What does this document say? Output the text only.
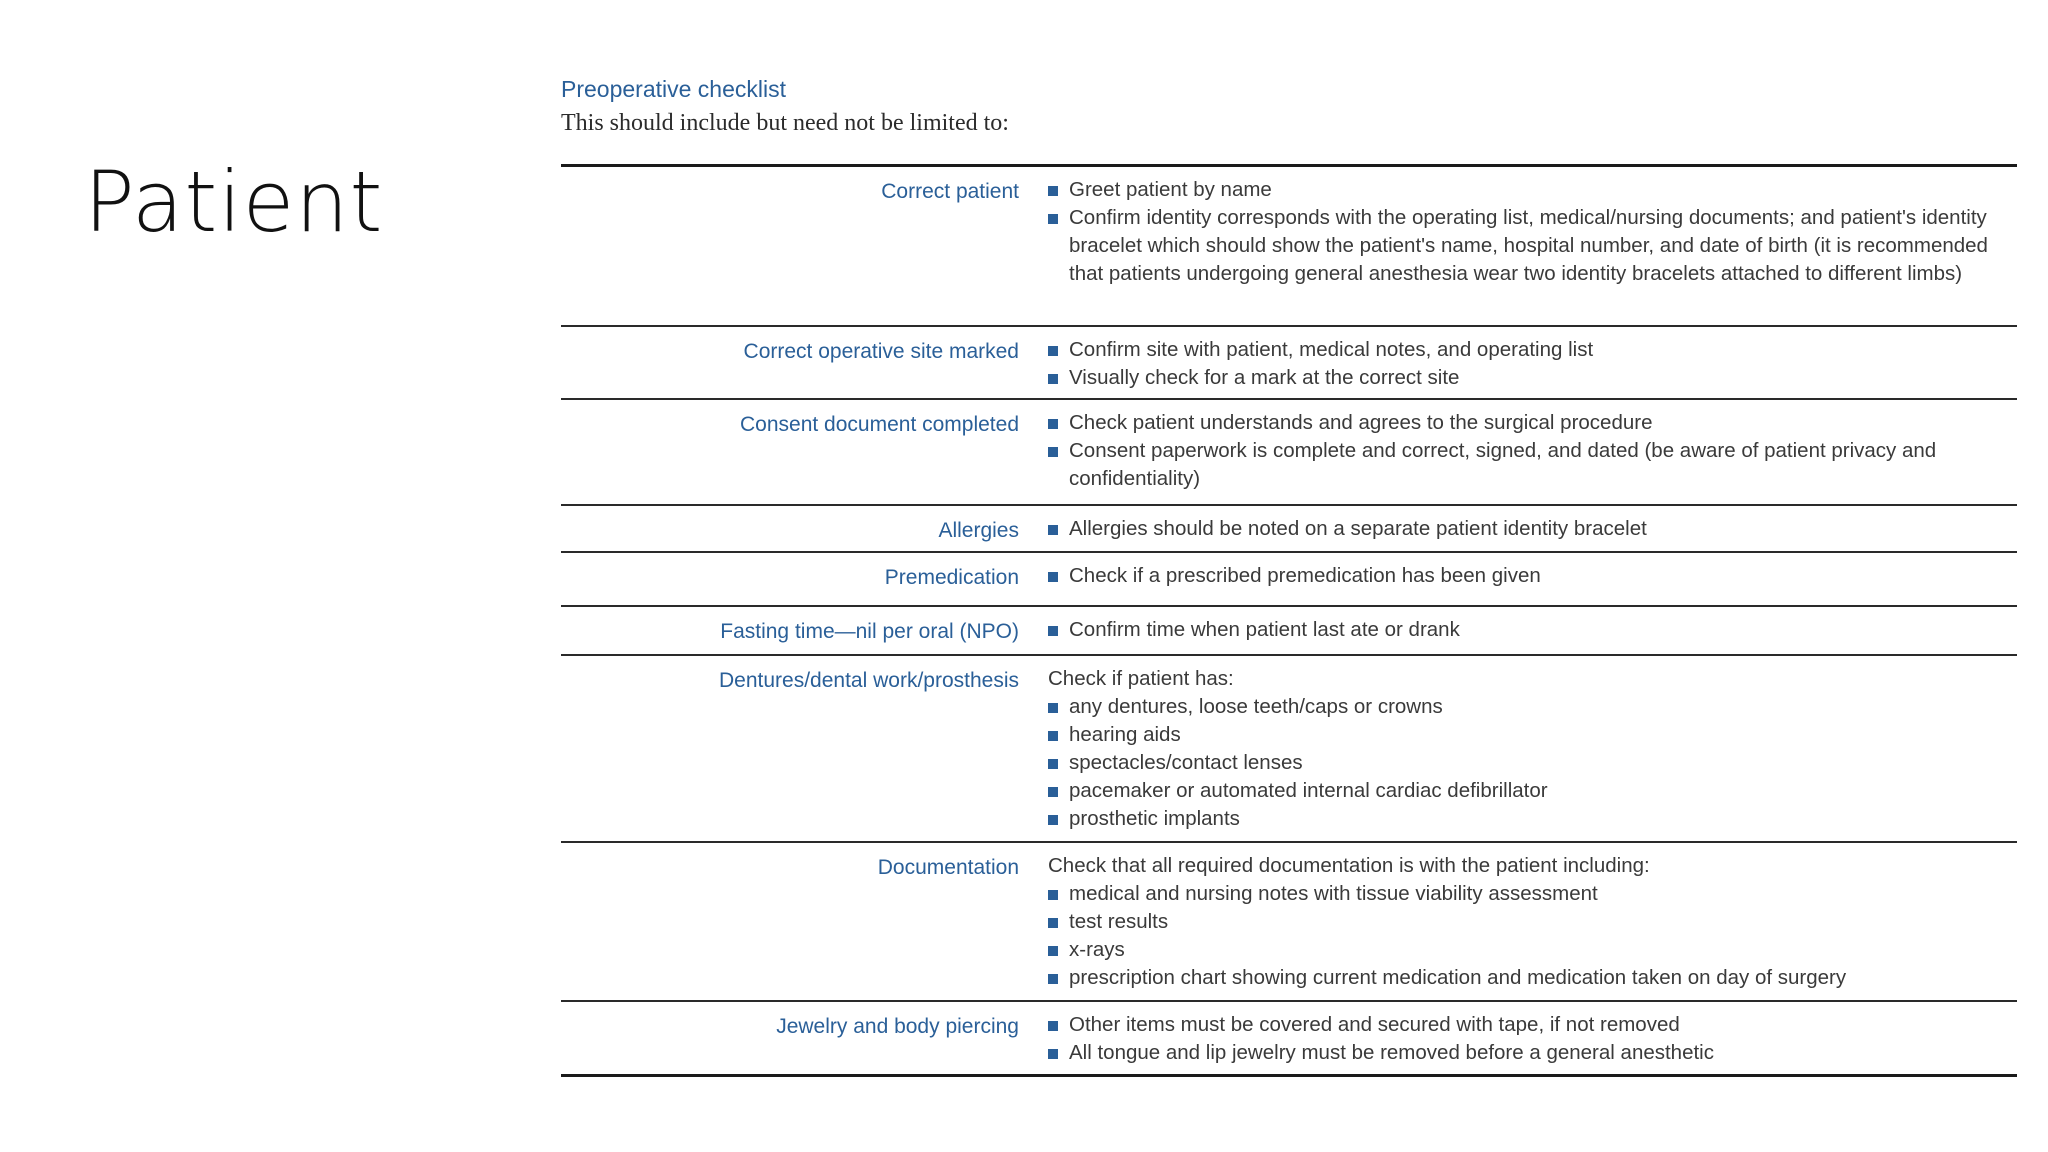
Patient
Preoperative checklist
This should include but need not be limited to:
Correct patient Greet patient by name
Confirm identity corresponds with the operating list, medical/nursing documents; and patient's identity bracelet which should show the patient's name, hospital number, and date of birth (it is recommended that patients undergoing general anesthesia wear two identity bracelets attached to different limbs)
Correct operative site marked Confirm site with patient, medical notes, and operating list
Visually check for a mark at the correct site
Consent document completed Check patient understands and agrees to the surgical procedure
Consent paperwork is complete and correct, signed, and dated (be aware of patient privacy and confidentiality)
Allergies Allergies should be noted on a separate patient identity bracelet
Premedication Check if a prescribed premedication has been given
Fasting time—nil per oral (NPO) Confirm time when patient last ate or drank
Dentures/dental work/prosthesis Check if patient has:
any dentures, loose teeth/caps or crowns
hearing aids
spectacles/contact lenses
pacemaker or automated internal cardiac defibrillator
prosthetic implants
Documentation Check that all required documentation is with the patient including:
medical and nursing notes with tissue viability assessment
test results
x-rays
prescription chart showing current medication and medication taken on day of surgery
Jewelry and body piercing Other items must be covered and secured with tape, if not removed
All tongue and lip jewelry must be removed before a general anesthetic
